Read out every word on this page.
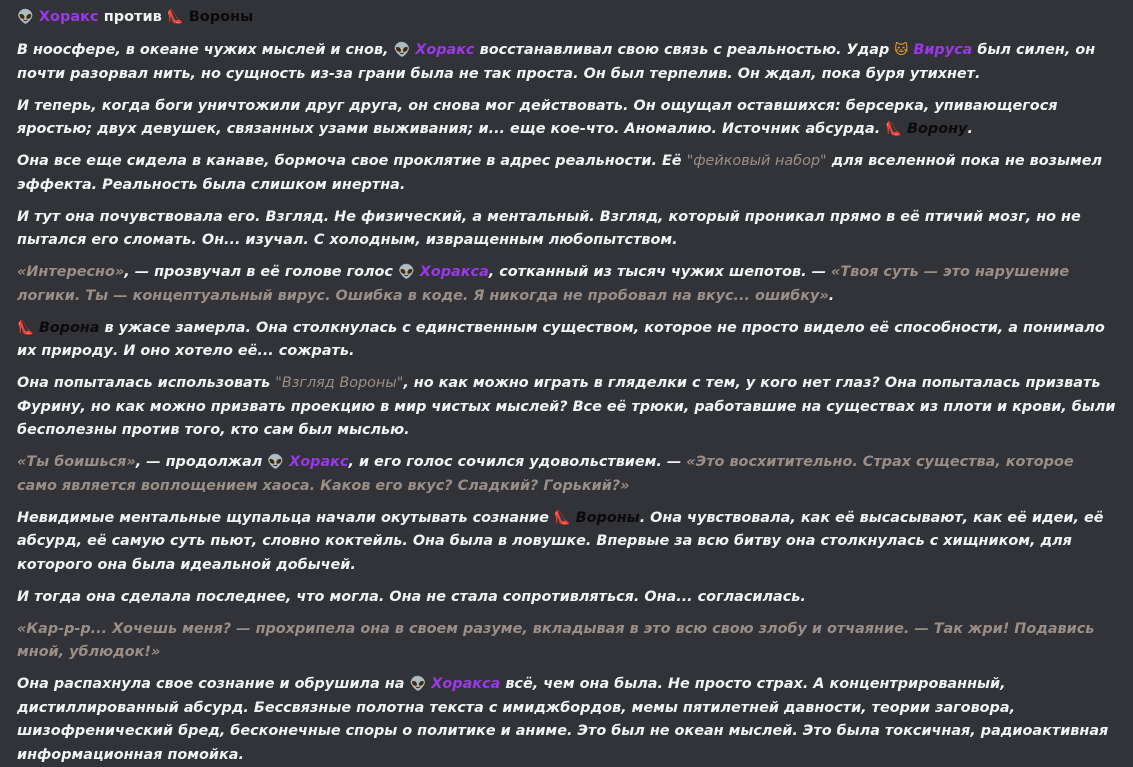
👽 Хоракс против 👠 Вороны

В ноосфере, в океане чужих мыслей и снов, 👽 Хоракс восстанавливал свою связь с реальностью. Удар 🐱 Вируса был силен, он почти разорвал нить, но сущность из-за грани была не так проста. Он был терпелив. Он ждал, пока буря утихнет.

И теперь, когда боги уничтожили друг друга, он снова мог действовать. Он ощущал оставшихся: берсерка, упивающегося яростью; двух девушек, связанных узами выживания; и... еще кое-что. Аномалию. Источник абсурда. 👠 Ворону.

Она все еще сидела в канаве, бормоча свое проклятие в адрес реальности. Её "фейковый набор" для вселенной пока не возымел эффекта. Реальность была слишком инертна.

И тут она почувствовала его. Взгляд. Не физический, а ментальный. Взгляд, который проникал прямо в её птичий мозг, но не пытался его сломать. Он... изучал. С холодным, извращенным любопытством.

«Интересно», — прозвучал в её голове голос 👽 Хоракса, сотканный из тысяч чужих шепотов. — «Твоя суть — это нарушение логики. Ты — концептуальный вирус. Ошибка в коде. Я никогда не пробовал на вкус... ошибку».

👠 Ворона в ужасе замерла. Она столкнулась с единственным существом, которое не просто видело её способности, а понимало их природу. И оно хотело её... сожрать.

Она попыталась использовать "Взгляд Вороны", но как можно играть в гляделки с тем, у кого нет глаз? Она попыталась призвать Фурину, но как можно призвать проекцию в мир чистых мыслей? Все её трюки, работавшие на существах из плоти и крови, были бесполезны против того, кто сам был мыслью.

«Ты боишься», — продолжал 👽 Хоракс, и его голос сочился удовольствием. — «Это восхитительно. Страх существа, которое само является воплощением хаоса. Каков его вкус? Сладкий? Горький?»

Невидимые ментальные щупальца начали окутывать сознание 👠 Вороны. Она чувствовала, как её высасывают, как её идеи, её абсурд, её самую суть пьют, словно коктейль. Она была в ловушке. Впервые за всю битву она столкнулась с хищником, для которого она была идеальной добычей.

И тогда она сделала последнее, что могла. Она не стала сопротивляться. Она... согласилась.

«Кар-р-р... Хочешь меня? — прохрипела она в своем разуме, вкладывая в это всю свою злобу и отчаяние. — Так жри! Подавись мной, ублюдок!»

Она распахнула свое сознание и обрушила на 👽 Хоракса всё, чем она была. Не просто страх. А концентрированный, дистиллированный абсурд. Бессвязные полотна текста с имиджбордов, мемы пятилетней давности, теории заговора, шизофренический бред, бесконечные споры о политике и аниме. Это был не океан мыслей. Это была токсичная, радиоактивная информационная помойка.
